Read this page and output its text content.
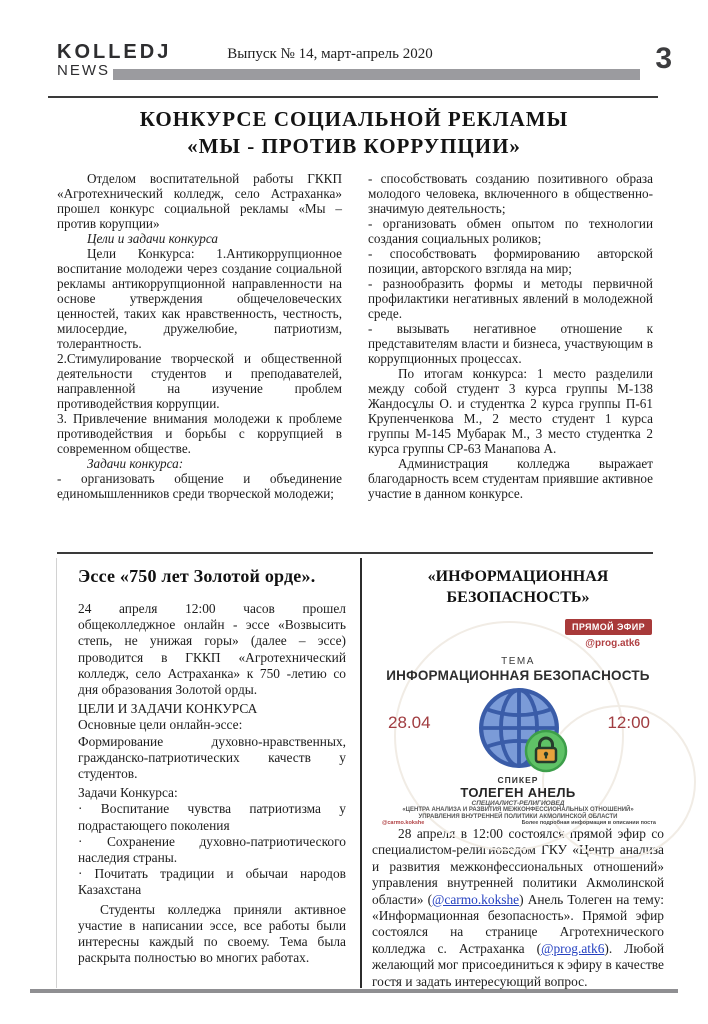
KOLLEDJ
NEWS
Выпуск № 14, март-апрель 2020	3
КОНКУРСЕ СОЦИАЛЬНОЙ РЕКЛАМЫ
«МЫ - ПРОТИВ КОРРУПЦИИ»

Отделом воспитательной работы ГККП «Агротехнический колледж, село Астраханка» прошел конкурс социальной рекламы «Мы – против корупции»

Цели и задачи конкурса

Цели Конкурса: 1.Антикоррупционное воспитание молодежи через создание социальной рекламы антикоррупционной направленности на основе утверждения общечеловеческих ценностей, таких как нравственность, честность, милосердие, дружелюбие, патриотизм, толерантность.

2.Стимулирование творческой и общественной деятельности студентов и преподавателей, направленной на изучение проблем противодействия коррупции.

3. Привлечение внимания молодежи к проблеме противодействия и борьбы с коррупцией в современном обществе.

Задачи конкурса:

- организовать общение и объединение единомышленников среди творческой молодежи;

- способствовать созданию позитивного образа молодого человека, включенного в общественно-значимую деятельность;

- организовать обмен опытом по технологии создания социальных роликов;

- способствовать формированию авторской позиции, авторского взгляда на мир;

- разнообразить формы и методы первичной профилактики негативных явлений в молодежной среде.

- вызывать негативное отношение к представителям власти и бизнеса, участвующим в коррупционных процессах.

По итогам конкурса: 1 место разделили между собой студент 3 курса группы М-138 Жандосұлы О. и студентка 2 курса группы П-61 Крупенченкова М., 2 место студент 1 курса группы М-145 Мубарак М., 3 место студентка 2 курса группы СР-63 Манапова А.

Администрация колледжа выражает благодарность всем студентам приявшие активное участие в данном конкурсе.

Эссе «750 лет Золотой орде».

24 апреля 12:00 часов прошел общеколледжное онлайн - эссе «Возвысить степь, не унижая горы» (далее – эссе) проводится в ГККП «Агротехнический колледж, село Астраханка» к 750 -летию со дня образования Золотой орды.

ЦЕЛИ И ЗАДАЧИ КОНКУРСА

Основные цели онлайн-эссе:

Формирование духовно-нравственных, гражданско-патриотических качеств у студентов.

Задачи Конкурса:

· Воспитание чувства патриотизма у подрастающего поколения

· Сохранение духовно-патриотического наследия страны.

· Почитать традиции и обычаи народов Казахстана

Студенты колледжа приняли активное участие в написании эссе, все работы были интересны каждый по своему. Тема была раскрыта полностью во многих работах.

«ИНФОРМАЦИОННАЯ
БЕЗОПАСНОСТЬ»
ПРЯМОЙ ЭФИР
@prog.atk6
ТЕМА
ИНФОРМАЦИОННАЯ БЕЗОПАСНОСТЬ
28.04	12:00
СПИКЕР
ТОЛЕГЕН АНЕЛЬ
СПЕЦИАЛИСТ-РЕЛИГИОВЕД
«ЦЕНТРА АНАЛИЗА И РАЗВИТИЯ МЕЖКОНФЕССИОНАЛЬНЫХ ОТНОШЕНИЙ»
УПРАВЛЕНИЯ ВНУТРЕННЕЙ ПОЛИТИКИ АКМОЛИНСКОЙ ОБЛАСТИ
@carmo.kokshe	Более подробная информация в описании поста

28 апреля в 12:00 состоялся прямой эфир со специалистом-религиоведом ГКУ «Центр анализа и развития межконфессиональных отношений» управления внутренней политики Акмолинской области» (@carmo.kokshe) Анель Толеген на тему: «Информационная безопасность». Прямой эфир состоялся на странице Агротехнического колледжа с. Астраханка (@prog.atk6). Любой желающий мог присоединиться к эфиру в качестве гостя и задать интересующий вопрос.
